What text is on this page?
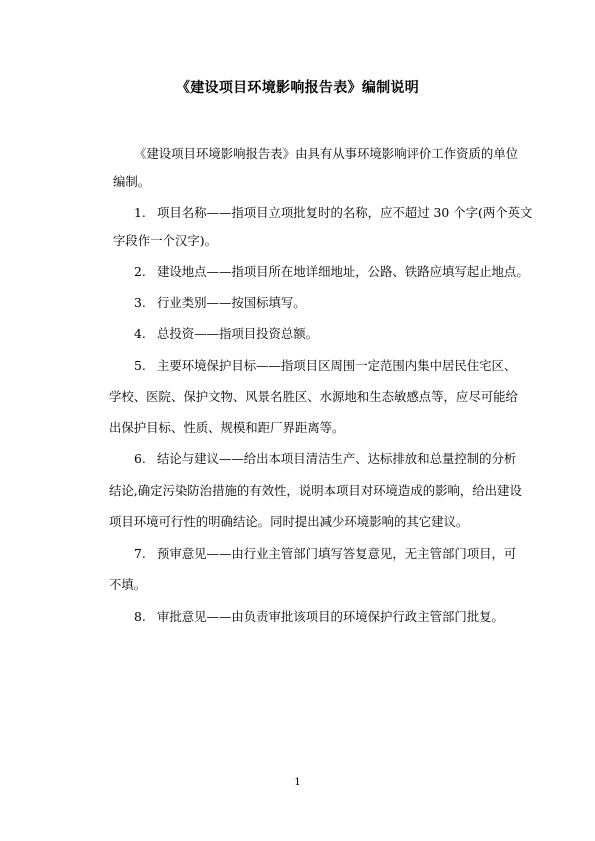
《建设项目环境影响报告表》编制说明
《建设项目环境影响报告表》由具有从事环境影响评价工作资质的单位
编制。
1. 项目名称——指项目立项批复时的名称，应不超过 30 个字(两个英文
字段作一个汉字)。
2. 建设地点——指项目所在地详细地址，公路、铁路应填写起止地点。
3. 行业类别——按国标填写。
4. 总投资——指项目投资总额。
5. 主要环境保护目标——指项目区周围一定范围内集中居民住宅区、
学校、医院、保护文物、风景名胜区、水源地和生态敏感点等，应尽可能给
出保护目标、性质、规模和距厂界距离等。
6. 结论与建议——给出本项目清洁生产、达标排放和总量控制的分析
结论,确定污染防治措施的有效性，说明本项目对环境造成的影响，给出建设
项目环境可行性的明确结论。同时提出减少环境影响的其它建议。
7. 预审意见——由行业主管部门填写答复意见，无主管部门项目，可
不填。
8. 审批意见——由负责审批该项目的环境保护行政主管部门批复。
1
